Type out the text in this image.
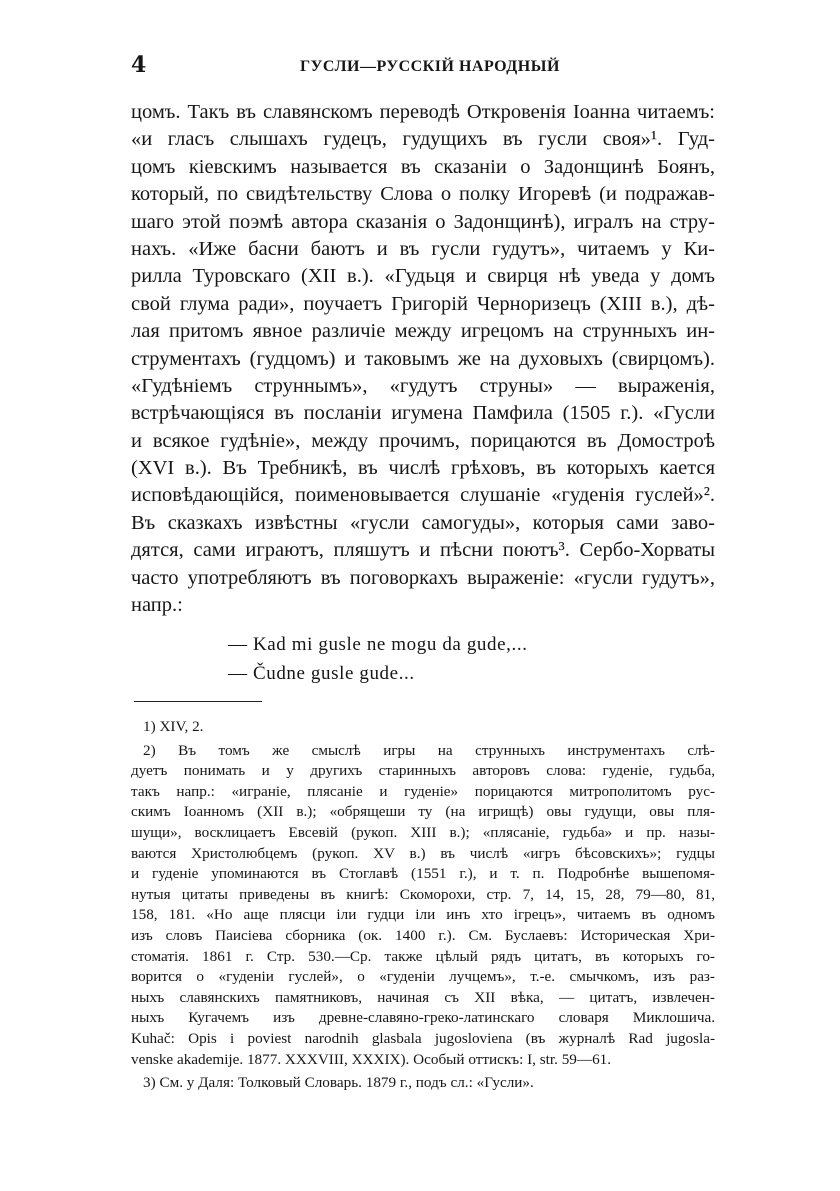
4	ГУСЛИ—РУССКІЙ НАРОДНЫЙ
цомъ. Такъ въ славянскомъ переводѣ Откровенія Іоанна читаемъ:
«и гласъ слышахъ гудецъ, гудущихъ въ гусли своя»¹. Гуд-
цомъ кіевскимъ называется въ сказаніи о Задонщинѣ Боянъ,
который, по свидѣтельству Слова о полку Игоревѣ (и подражав-
шаго этой поэмѣ автора сказанія о Задонщинѣ), игралъ на стру-
нахъ. «Иже басни баютъ и въ гусли гудутъ», читаемъ у Ки-
рилла Туровскаго (XII в.). «Гудьця и свирця нѣ уведа у домъ
свой глума ради», поучаетъ Григорій Черноризецъ (XIII в.), дѣ-
лая притомъ явное различіе между игрецомъ на струнныхъ ин-
струментахъ (гудцомъ) и таковымъ же на духовыхъ (свирцомъ).
«Гудѣніемъ струннымъ», «гудутъ струны» — выраженія,
встрѣчающіяся въ посланіи игумена Памфила (1505 г.). «Гусли
и всякое гудѣніе», между прочимъ, порицаются въ Домостроѣ
(XVI в.). Въ Требникѣ, въ числѣ грѣховъ, въ которыхъ кается
исповѣдающійся, поименовывается слушаніе «гуденія гуслей»².
Въ сказкахъ извѣстны «гусли самогуды», которыя сами заво-
дятся, сами играютъ, пляшутъ и пѣсни поютъ³. Сербо-Хорваты
часто употребляютъ въ поговоркахъ выраженіе: «гусли гудутъ»,
напр.:
— Kad mi gusle ne mogu da gude,...
— Čudne gusle gude...
1) XIV, 2.
2) Въ томъ же смыслѣ игры на струнныхъ инструментахъ слѣ-
дуетъ понимать и у другихъ старинныхъ авторовъ слова: гуденіе, гудьба,
такъ напр.: «играніе, плясаніе и гуденіе» порицаются митрополитомъ рус-
скимъ Іоанномъ (XII в.); «обрящеши ту (на игрищѣ) овы гудущи, овы пля-
шущи», восклицаетъ Евсевій (рукоп. XIII в.); «плясаніе, гудьба» и пр. назы-
ваются Христолюбцемъ (рукоп. XV в.) въ числѣ «игръ бѣсовскихъ»; гудцы
и гуденіе упоминаются въ Стоглавѣ (1551 г.), и т. п. Подробнѣе вышепомя-
нутыя цитаты приведены въ книгѣ: Скоморохи, стр. 7, 14, 15, 28, 79—80, 81,
158, 181. «Но аще плясци іли гудци іли инъ хто ігрецъ», читаемъ въ одномъ
изъ словъ Паисіева сборника (ок. 1400 г.). См. Буслаевъ: Историческая Хри-
стоматія. 1861 г. Стр. 530.—Ср. также цѣлый рядъ цитатъ, въ которыхъ го-
ворится о «гуденіи гуслей», о «гуденіи лучцемъ», т.-е. смычкомъ, изъ раз-
ныхъ славянскихъ памятниковъ, начиная съ XII вѣка, — цитатъ, извлечен-
ныхъ Кугачемъ изъ древне-славяно-греко-латинскаго словаря Миклошича.
Kuhač: Opis i poviest narodnih glasbala jugosloviena (въ журналѣ Rad jugosla-
venske akademije. 1877. XXXVIII, XXXIX). Особый оттискъ: I, str. 59—61.
3) См. у Даля: Толковый Словарь. 1879 г., подъ сл.: «Гусли».
